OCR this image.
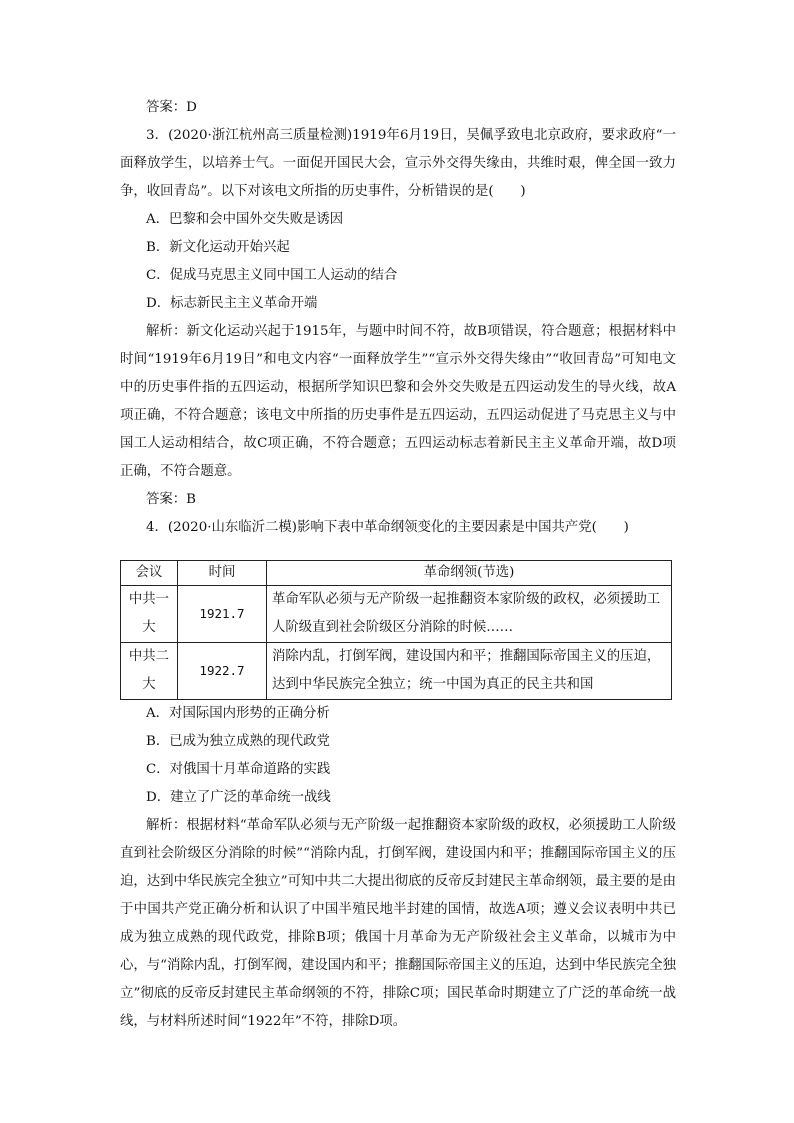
答案：D

3．(2020·浙江杭州高三质量检测)1919年6月19日，吴佩孚致电北京政府，要求政府“一面释放学生，以培养士气。一面促开国民大会，宣示外交得失缘由，共维时艰，俾全国一致力争，收回青岛”。以下对该电文所指的历史事件，分析错误的是(　　)

A．巴黎和会中国外交失败是诱因

B．新文化运动开始兴起

C．促成马克思主义同中国工人运动的结合

D．标志新民主主义革命开端

解析：新文化运动兴起于1915年，与题中时间不符，故B项错误，符合题意；根据材料中时间“1919年6月19日”和电文内容“一面释放学生”“宣示外交得失缘由”“收回青岛”可知电文中的历史事件指的五四运动，根据所学知识巴黎和会外交失败是五四运动发生的导火线，故A项正确，不符合题意；该电文中所指的历史事件是五四运动，五四运动促进了马克思主义与中国工人运动相结合，故C项正确，不符合题意；五四运动标志着新民主主义革命开端，故D项正确，不符合题意。

答案：B

4．(2020·山东临沂二模)影响下表中革命纲领变化的主要因素是中国共产党(　　)

会议	时间	革命纲领(节选)
中共一大	1921.7	革命军队必须与无产阶级一起推翻资本家阶级的政权，必须援助工人阶级直到社会阶级区分消除的时候……
中共二大	1922.7	消除内乱，打倒军阀，建设国内和平；推翻国际帝国主义的压迫，达到中华民族完全独立；统一中国为真正的民主共和国

A．对国际国内形势的正确分析

B．已成为独立成熟的现代政党

C．对俄国十月革命道路的实践

D．建立了广泛的革命统一战线

解析：根据材料“革命军队必须与无产阶级一起推翻资本家阶级的政权，必须援助工人阶级直到社会阶级区分消除的时候”“消除内乱，打倒军阀，建设国内和平；推翻国际帝国主义的压迫，达到中华民族完全独立”可知中共二大提出彻底的反帝反封建民主革命纲领，最主要的是由于中国共产党正确分析和认识了中国半殖民地半封建的国情，故选A项；遵义会议表明中共已成为独立成熟的现代政党，排除B项；俄国十月革命为无产阶级社会主义革命，以城市为中心，与“消除内乱，打倒军阀，建设国内和平；推翻国际帝国主义的压迫，达到中华民族完全独立”彻底的反帝反封建民主革命纲领的不符，排除C项；国民革命时期建立了广泛的革命统一战线，与材料所述时间“1922年”不符，排除D项。
